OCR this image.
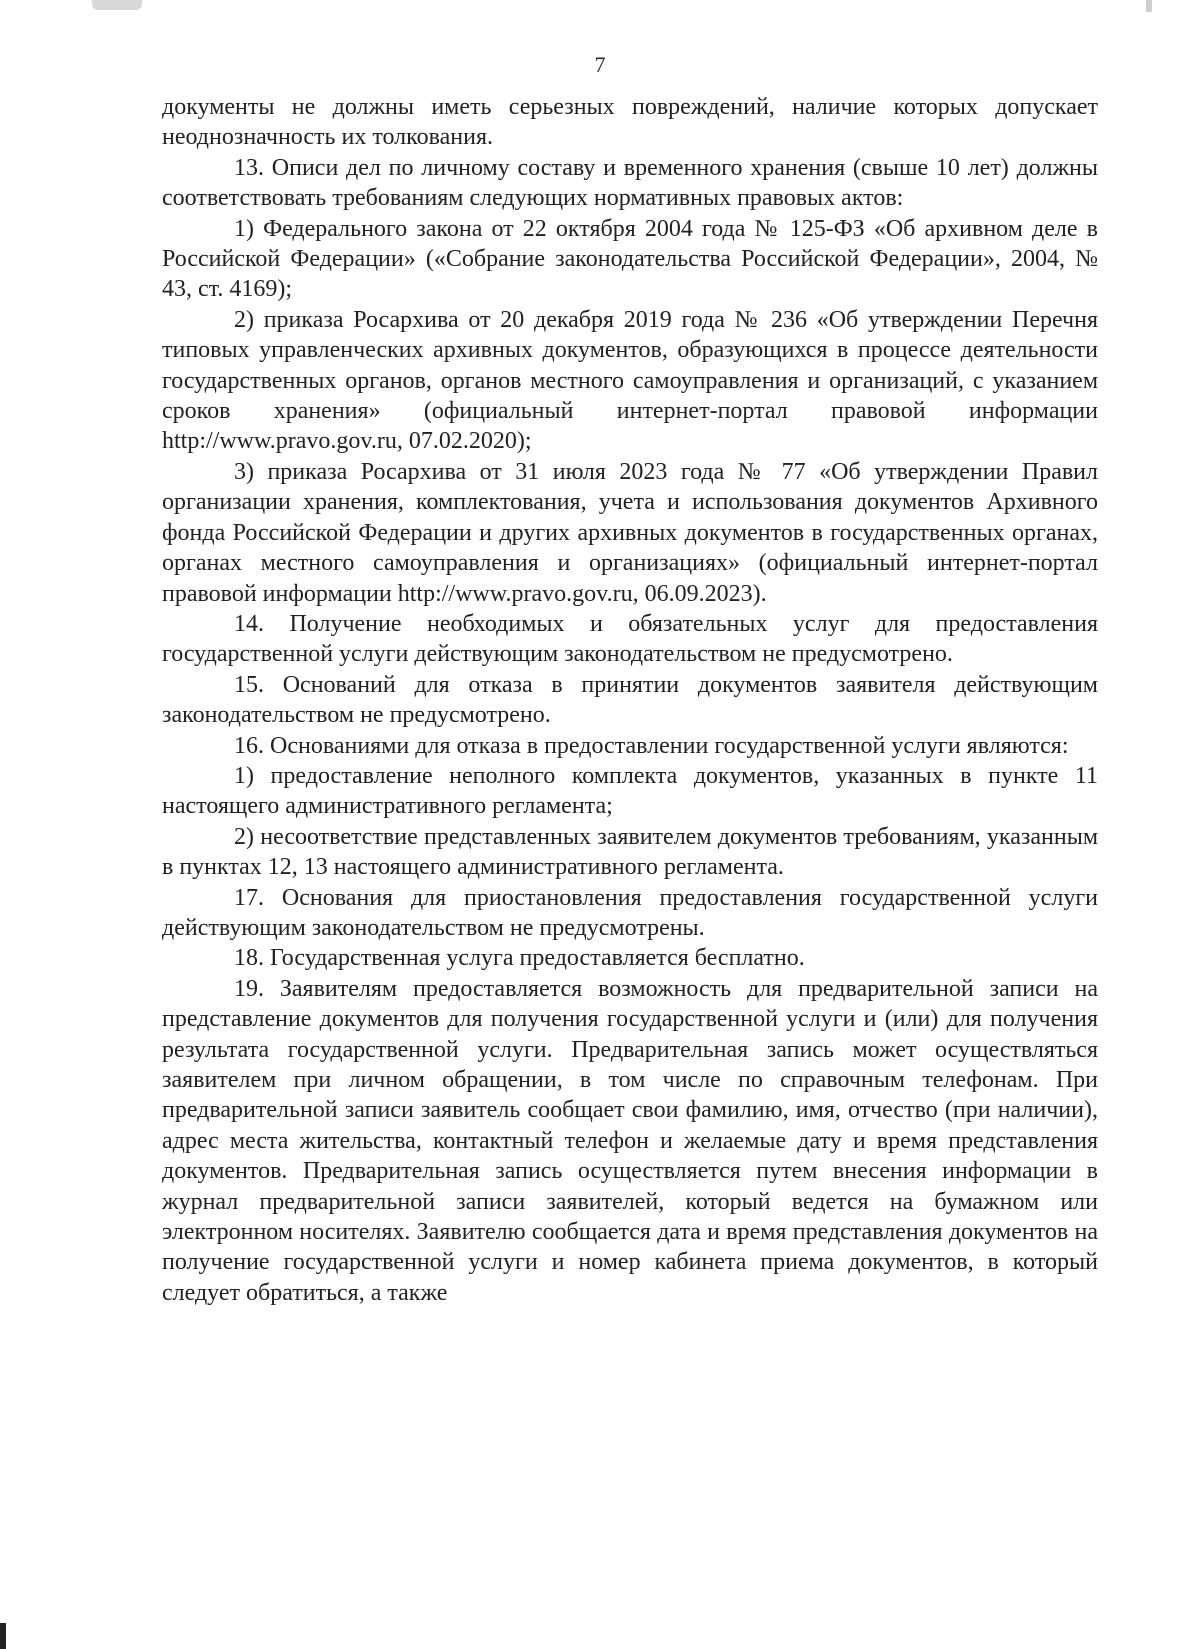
7

документы не должны иметь серьезных повреждений, наличие которых допускает неоднозначность их толкования.

13. Описи дел по личному составу и временного хранения (свыше 10 лет) должны соответствовать требованиям следующих нормативных правовых актов:

1) Федерального закона от 22 октября 2004 года № 125-ФЗ «Об архивном деле в Российской Федерации» («Собрание законодательства Российской Федерации», 2004, № 43, ст. 4169);

2) приказа Росархива от 20 декабря 2019 года № 236 «Об утверждении Перечня типовых управленческих архивных документов, образующихся в процессе деятельности государственных органов, органов местного самоуправления и организаций, с указанием сроков хранения» (официальный интернет-портал правовой информации http://www.pravo.gov.ru, 07.02.2020);

3) приказа Росархива от 31 июля 2023 года № 77 «Об утверждении Правил организации хранения, комплектования, учета и использования документов Архивного фонда Российской Федерации и других архивных документов в государственных органах, органах местного самоуправления и организациях» (официальный интернет-портал правовой информации http://www.pravo.gov.ru, 06.09.2023).

14. Получение необходимых и обязательных услуг для предоставления государственной услуги действующим законодательством не предусмотрено.

15. Оснований для отказа в принятии документов заявителя действующим законодательством не предусмотрено.

16. Основаниями для отказа в предоставлении государственной услуги являются:

1) предоставление неполного комплекта документов, указанных в пункте 11 настоящего административного регламента;

2) несоответствие представленных заявителем документов требованиям, указанным в пунктах 12, 13 настоящего административного регламента.

17. Основания для приостановления предоставления государственной услуги действующим законодательством не предусмотрены.

18. Государственная услуга предоставляется бесплатно.

19. Заявителям предоставляется возможность для предварительной записи на представление документов для получения государственной услуги и (или) для получения результата государственной услуги. Предварительная запись может осуществляться заявителем при личном обращении, в том числе по справочным телефонам. При предварительной записи заявитель сообщает свои фамилию, имя, отчество (при наличии), адрес места жительства, контактный телефон и желаемые дату и время представления документов. Предварительная запись осуществляется путем внесения информации в журнал предварительной записи заявителей, который ведется на бумажном или электронном носителях. Заявителю сообщается дата и время представления документов на получение государственной услуги и номер кабинета приема документов, в который следует обратиться, а также
